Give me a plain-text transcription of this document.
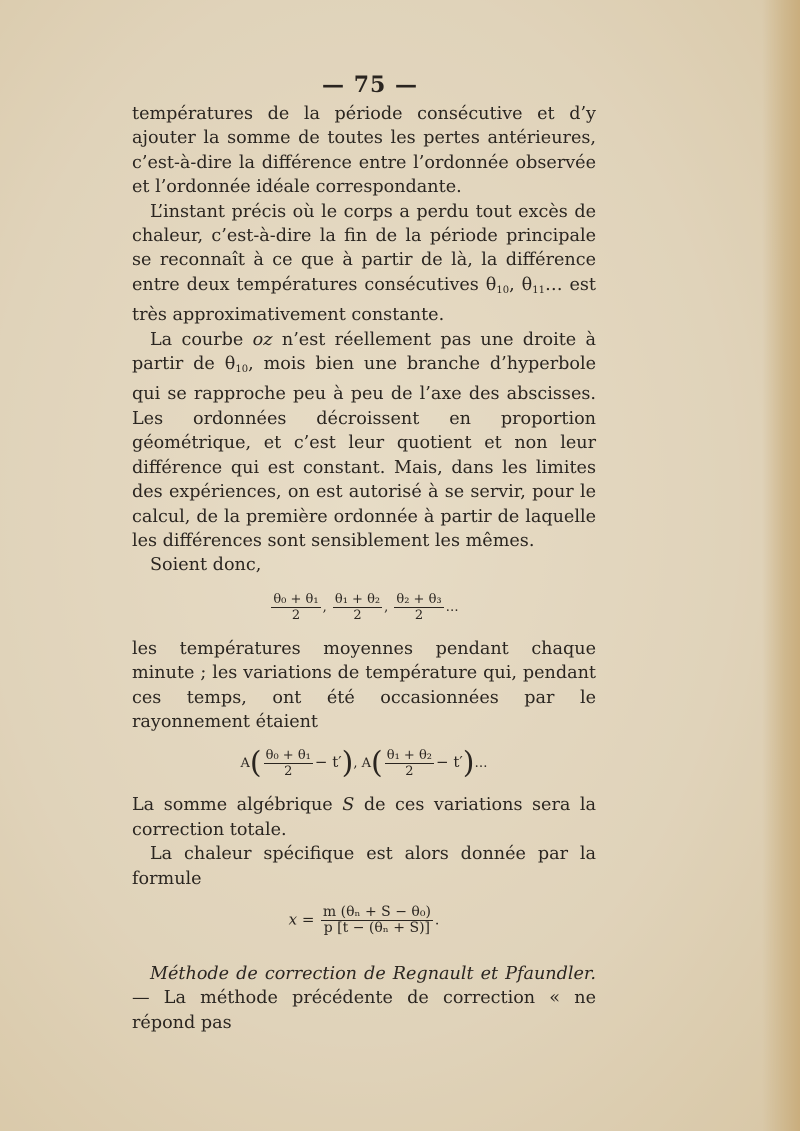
— 75 —

températures de la période consécutive et d’y ajouter la somme de toutes les pertes antérieures, c’est-à-dire la différence entre l’ordonnée observée et l’ordonnée idéale correspondante.

L’instant précis où le corps a perdu tout excès de chaleur, c’est-à-dire la fin de la période principale se reconnaît à ce que à partir de là, la différence entre deux températures consécutives $\theta_{10}$, $\theta_{11}\dots$ est très approximativement constante.

La courbe oz n’est réellement pas une droite à partir de $\theta_{10}$, mois bien une branche d’hyperbole qui se rapproche peu à peu de l’axe des abscisses. Les ordonnées décroissent en proportion géométrique, et c’est leur quotient et non leur différence qui est constant. Mais, dans les limites des expériences, on est autorisé à se servir, pour le calcul, de la première ordonnée à partir de laquelle les différences sont sensiblement les mêmes.

Soient donc,

$\frac{\text{θ₀ + θ₁}}{2}$ , $\frac{\text{θ₁ + θ₂}}{2}$ , $\frac{\text{θ₂ + θ₃}}{2}$ …

les températures moyennes pendant chaque minute ; les variations de température qui, pendant ces temps, ont été occasionnées par le rayonnement étaient

$A( \frac{\text{θ₀ + θ₁}}{2} - t')$, $A( \frac{\text{θ₁ + θ₂}}{2}$ − t′)…

La somme algébrique S de ces variations sera la correction totale.

La chaleur spécifique est alors donnée par la formule

$x = \frac{\text{m (θₙ + S − θ₀)}}{\text{p [t − (θₙ + S)]}}$ .

Méthode de correction de Regnault et Pfaundler. — La méthode précédente de correction « ne répond pas
